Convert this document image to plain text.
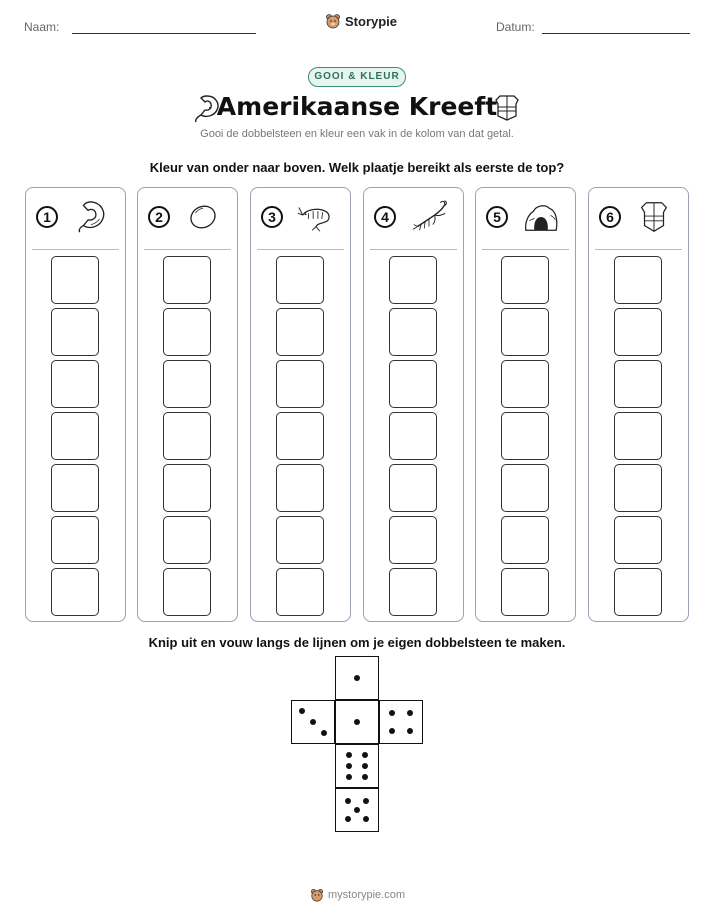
Naam:	Storypie	Datum:
GOOI & KLEUR
Amerikaanse Kreeft
Gooi de dobbelsteen en kleur een vak in de kolom van dat getal.
Kleur van onder naar boven. Welk plaatje bereikt als eerste de top?
1	2	3	4	5	6
Knip uit en vouw langs de lijnen om je eigen dobbelsteen te maken.
mystorypie.com
